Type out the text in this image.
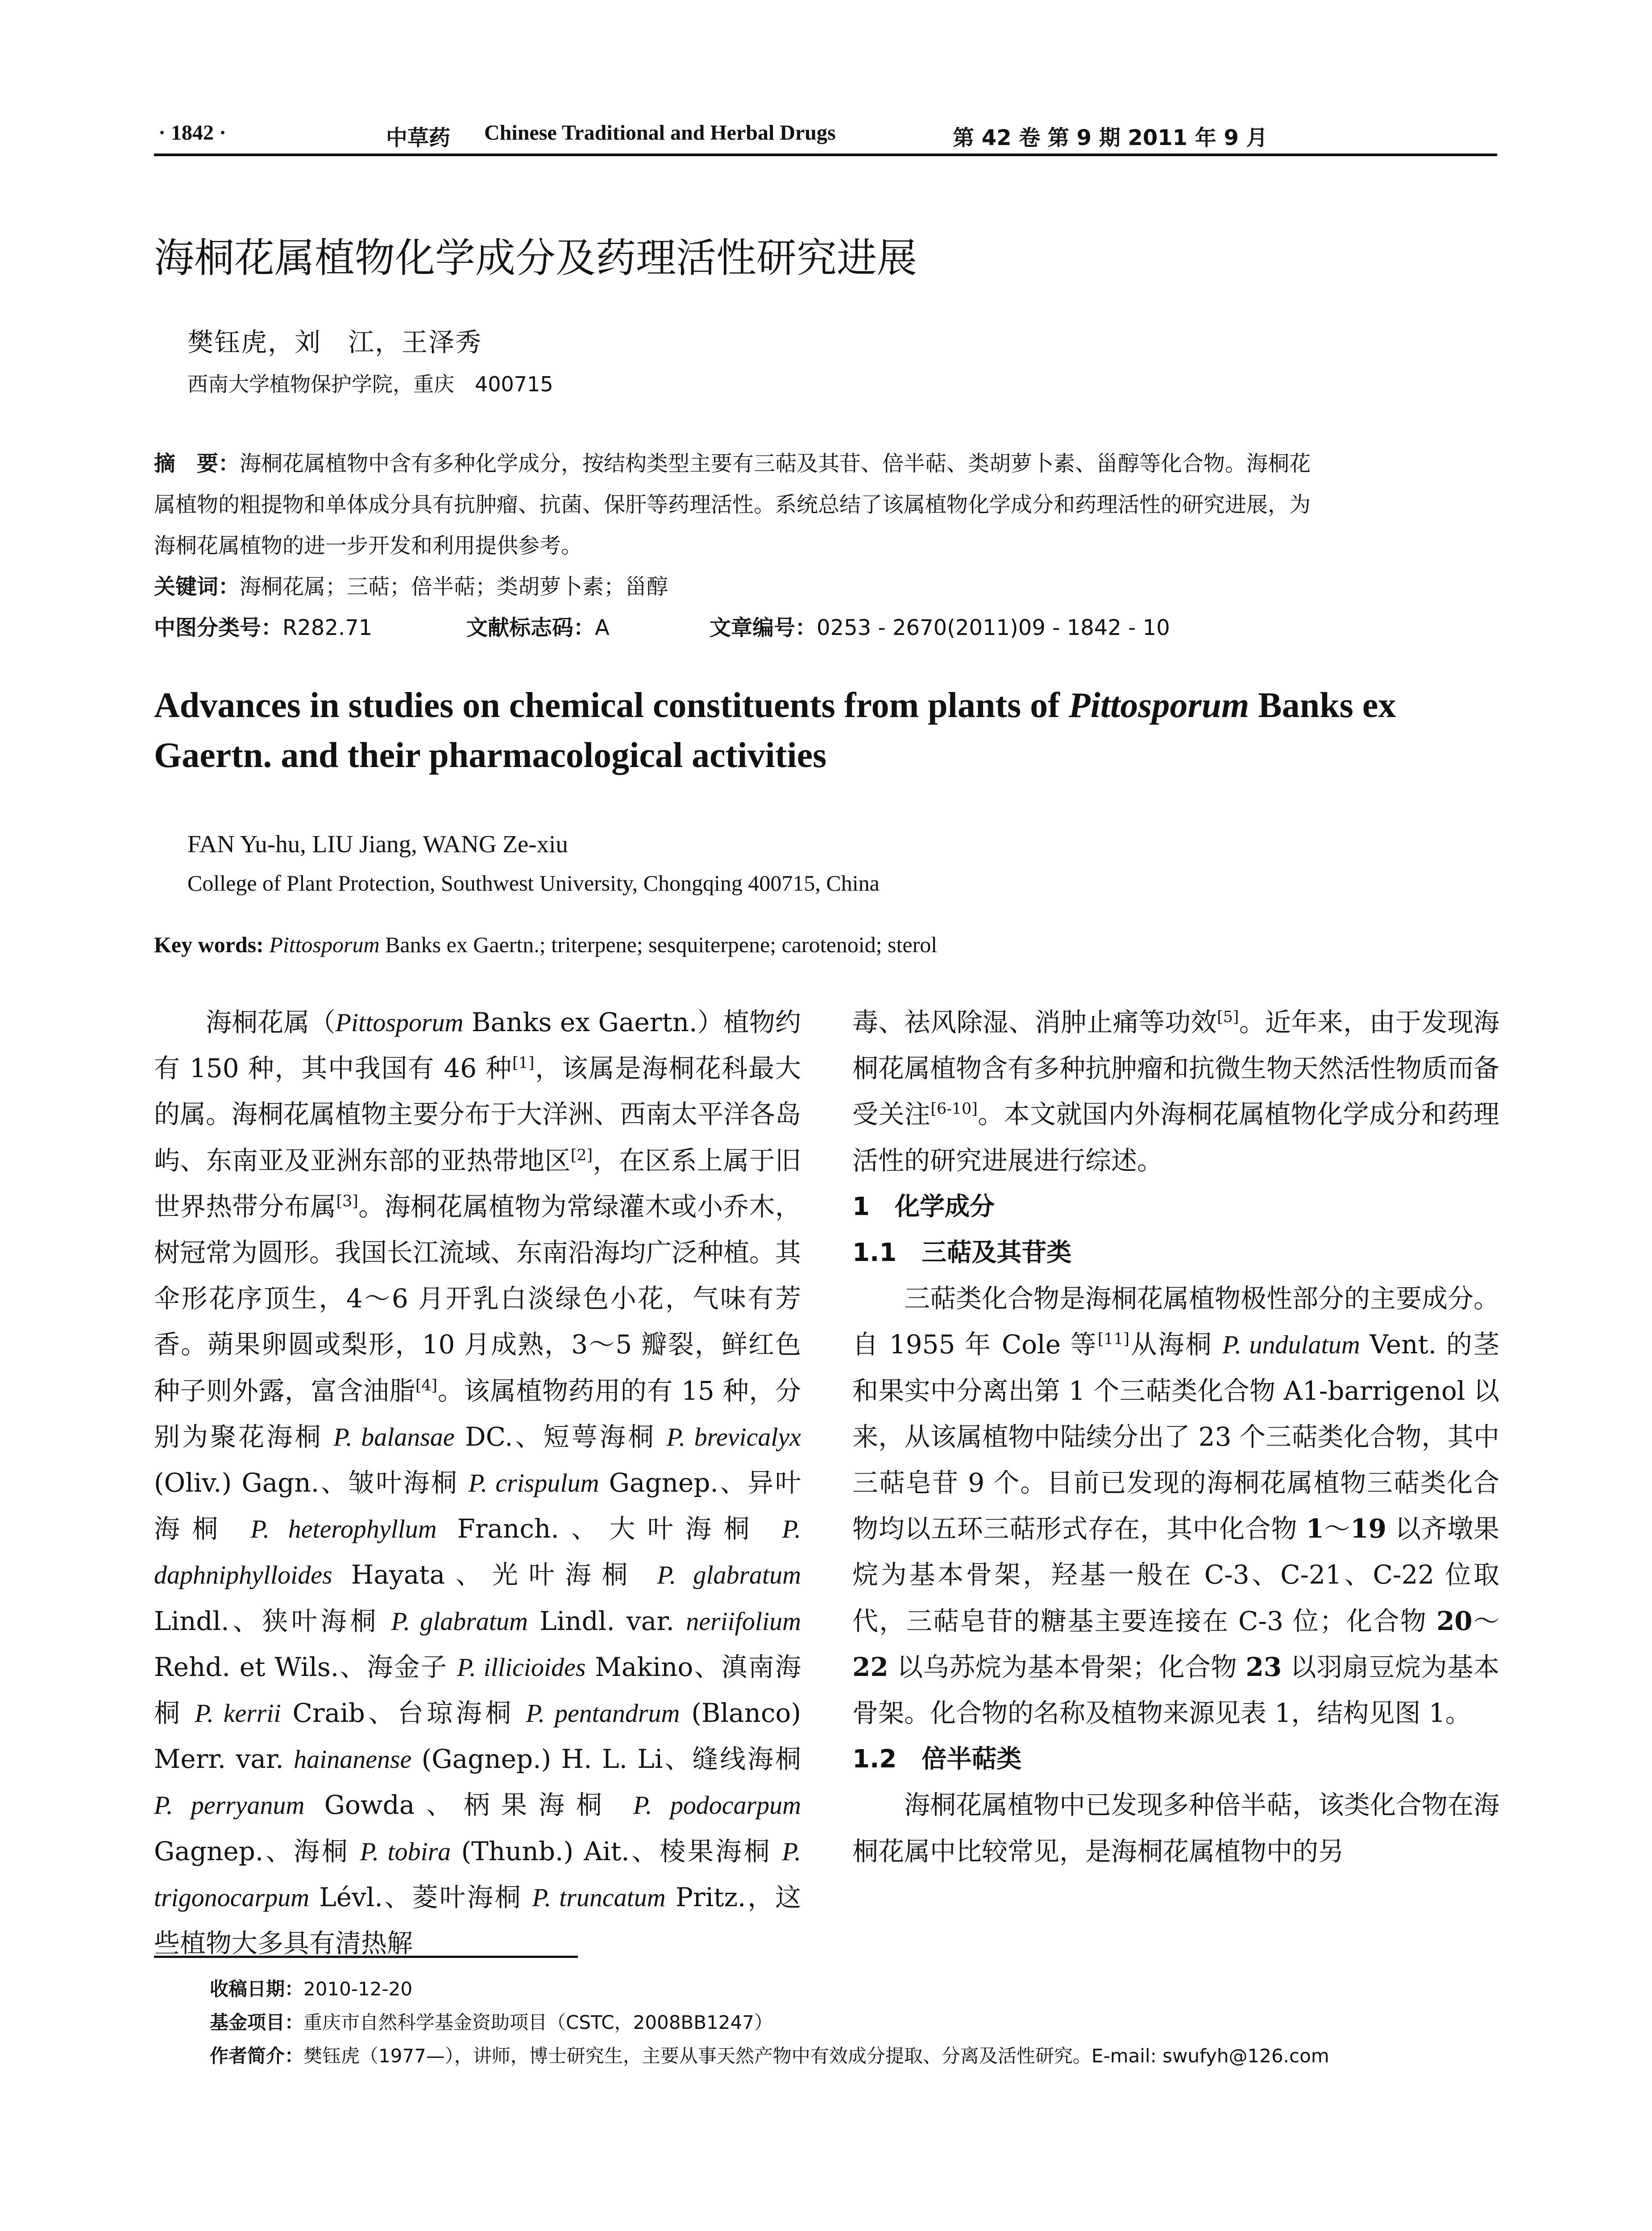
· 1842 ·	中草药 Chinese Traditional and Herbal Drugs	第 42 卷 第 9 期 2011 年 9 月
海桐花属植物化学成分及药理活性研究进展
樊钰虎，刘　江，王泽秀
西南大学植物保护学院，重庆　400715
摘　要：海桐花属植物中含有多种化学成分，按结构类型主要有三萜及其苷、倍半萜、类胡萝卜素、甾醇等化合物。海桐花
属植物的粗提物和单体成分具有抗肿瘤、抗菌、保肝等药理活性。系统总结了该属植物化学成分和药理活性的研究进展，为
海桐花属植物的进一步开发和利用提供参考。
关键词：海桐花属；三萜；倍半萜；类胡萝卜素；甾醇
中图分类号：R282.71	文献标志码：A	文章编号：0253 - 2670(2011)09 - 1842 - 10
Advances in studies on chemical constituents from plants of Pittosporum Banks ex Gaertn. and their pharmacological activities
FAN Yu-hu, LIU Jiang, WANG Ze-xiu
College of Plant Protection, Southwest University, Chongqing 400715, China
Key words: Pittosporum Banks ex Gaertn.; triterpene; sesquiterpene; carotenoid; sterol

海桐花属（Pittosporum Banks ex Gaertn.）植物约有 150 种，其中我国有 46 种[1]，该属是海桐花科最大的属。海桐花属植物主要分布于大洋洲、西南太平洋各岛屿、东南亚及亚洲东部的亚热带地区[2]，在区系上属于旧世界热带分布属[3]。海桐花属植物为常绿灌木或小乔木，树冠常为圆形。我国长江流域、东南沿海均广泛种植。其伞形花序顶生，4～6 月开乳白淡绿色小花，气味有芳香。蒴果卵圆或梨形，10 月成熟，3～5 瓣裂，鲜红色种子则外露，富含油脂[4]。该属植物药用的有 15 种，分别为聚花海桐 P. balansae DC.、短萼海桐 P. brevicalyx (Oliv.) Gagn.、皱叶海桐 P. crispulum Gagnep.、异叶海桐 P. heterophyllum Franch.、大叶海桐 P. daphniphylloides Hayata、光叶海桐 P. glabratum Lindl.、狭叶海桐 P. glabratum Lindl. var. neriifolium Rehd. et Wils.、海金子 P. illicioides Makino、滇南海桐 P. kerrii Craib、台琼海桐 P. pentandrum (Blanco) Merr. var. hainanense (Gagnep.) H. L. Li、缝线海桐 P. perryanum Gowda、柄果海桐 P. podocarpum Gagnep.、海桐 P. tobira (Thunb.) Ait.、棱果海桐 P. trigonocarpum Lévl.、菱叶海桐 P. truncatum Pritz.，这些植物大多具有清热解

毒、祛风除湿、消肿止痛等功效[5]。近年来，由于发现海桐花属植物含有多种抗肿瘤和抗微生物天然活性物质而备受关注[6-10]。本文就国内外海桐花属植物化学成分和药理活性的研究进展进行综述。

1　化学成分
1.1　三萜及其苷类

三萜类化合物是海桐花属植物极性部分的主要成分。自 1955 年 Cole 等[11]从海桐 P. undulatum Vent. 的茎和果实中分离出第 1 个三萜类化合物 A1-barrigenol 以来，从该属植物中陆续分出了 23 个三萜类化合物，其中三萜皂苷 9 个。目前已发现的海桐花属植物三萜类化合物均以五环三萜形式存在，其中化合物 1～19 以齐墩果烷为基本骨架，羟基一般在 C-3、C-21、C-22 位取代，三萜皂苷的糖基主要连接在 C-3 位；化合物 20～22 以乌苏烷为基本骨架；化合物 23 以羽扇豆烷为基本骨架。化合物的名称及植物来源见表 1，结构见图 1。

1.2　倍半萜类

海桐花属植物中已发现多种倍半萜，该类化合物在海桐花属中比较常见，是海桐花属植物中的另

收稿日期：2010-12-20
基金项目：重庆市自然科学基金资助项目（CSTC，2008BB1247）
作者简介：樊钰虎（1977—），讲师，博士研究生，主要从事天然产物中有效成分提取、分离及活性研究。E-mail: swufyh@126.com
